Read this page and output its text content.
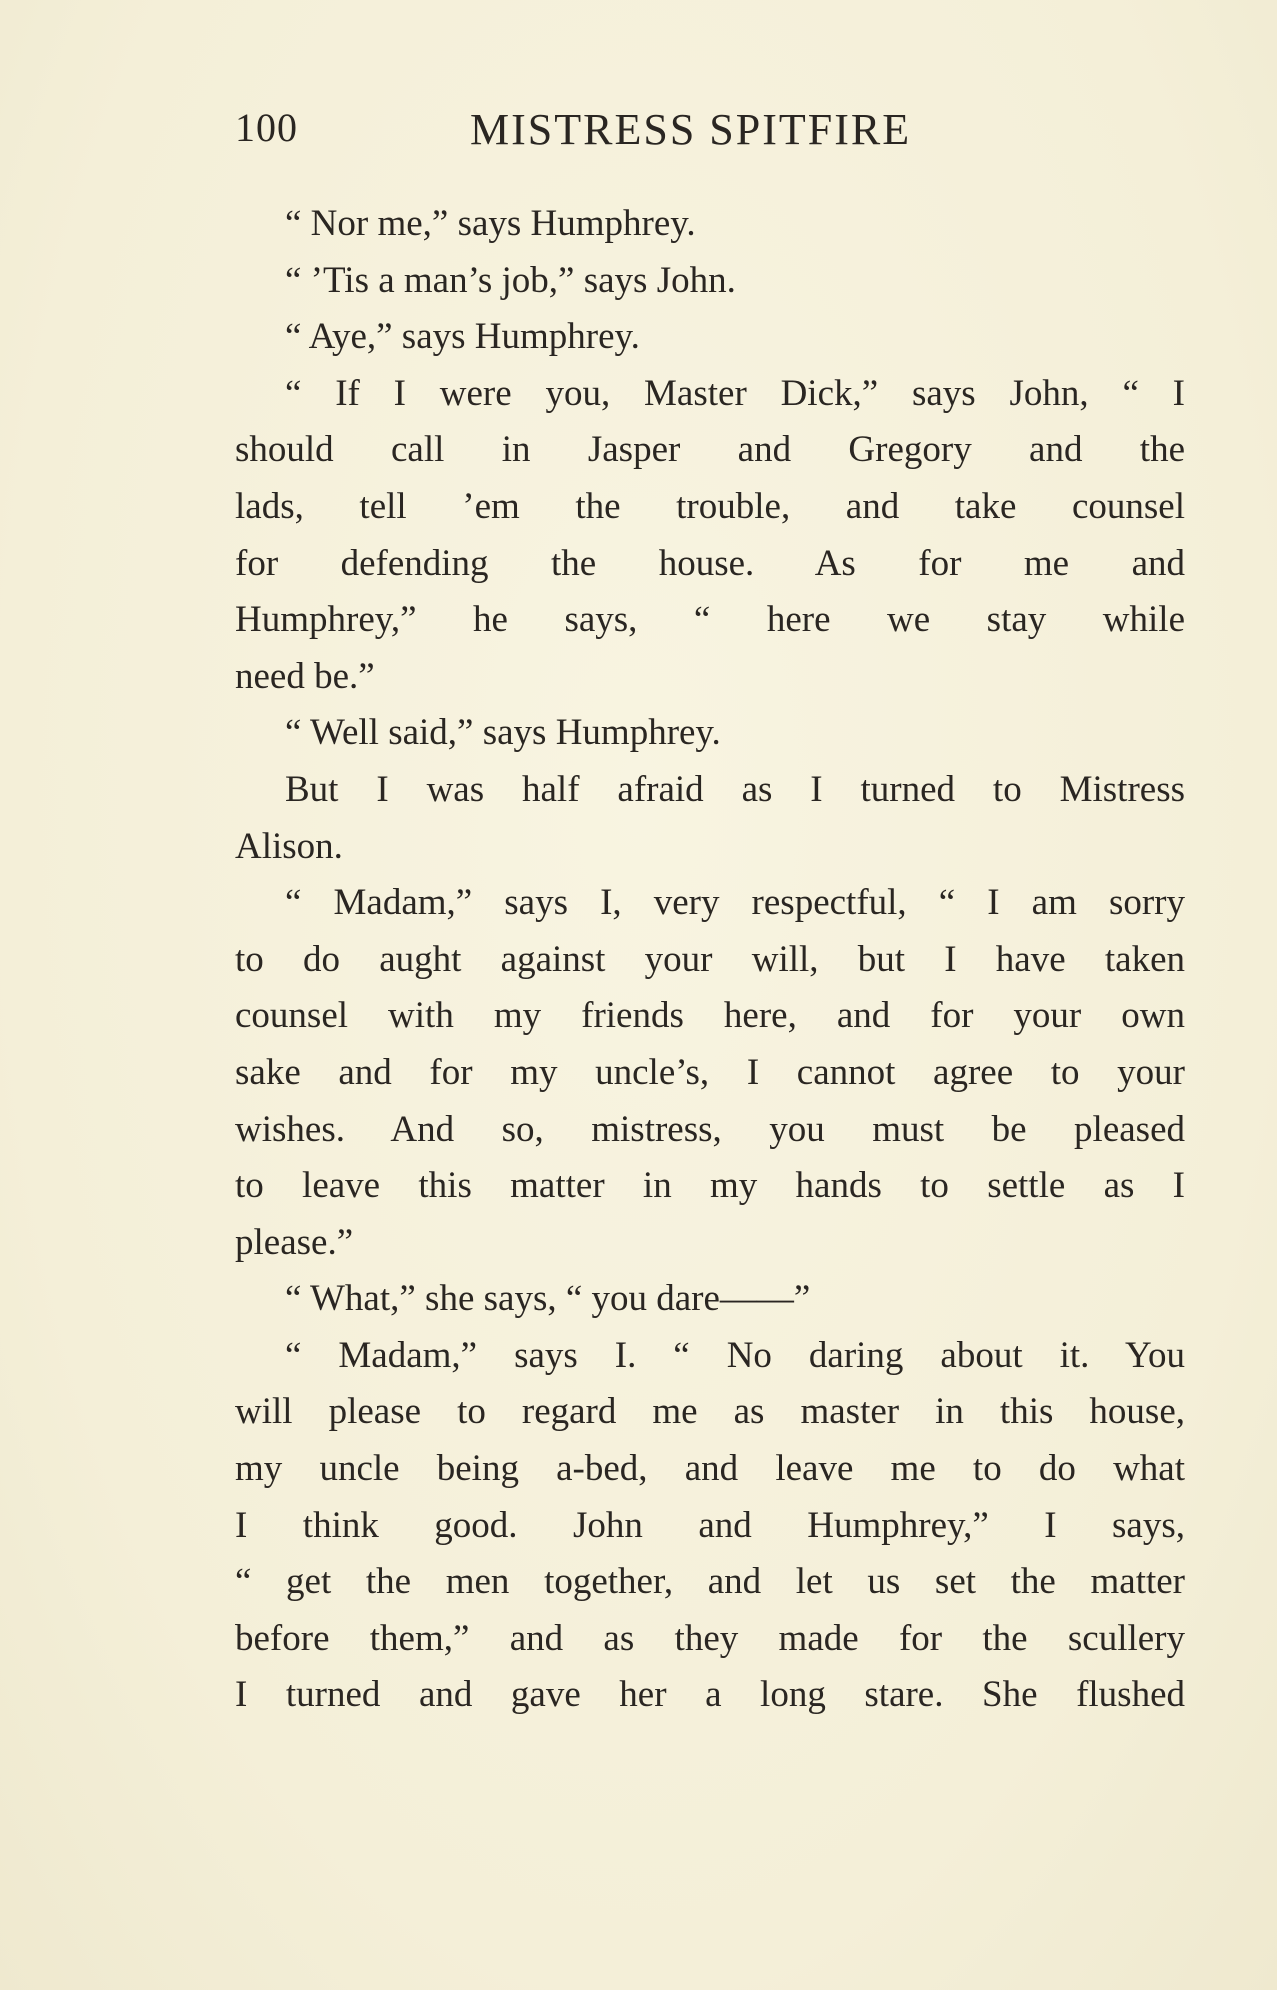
100	MISTRESS SPITFIRE
“ Nor me,” says Humphrey.
“ ’Tis a man’s job,” says John.
“ Aye,” says Humphrey.
“ If I were you, Master Dick,” says John, “ I
should call in Jasper and Gregory and the
lads, tell ’em the trouble, and take counsel
for defending the house. As for me and
Humphrey,” he says, “ here we stay while
need be.”
“ Well said,” says Humphrey.
But I was half afraid as I turned to Mistress
Alison.
“ Madam,” says I, very respectful, “ I am sorry
to do aught against your will, but I have taken
counsel with my friends here, and for your own
sake and for my uncle’s, I cannot agree to your
wishes. And so, mistress, you must be pleased
to leave this matter in my hands to settle as I
please.”
“ What,” she says, “ you dare——”
“ Madam,” says I. “ No daring about it. You
will please to regard me as master in this house,
my uncle being a-bed, and leave me to do what
I think good. John and Humphrey,” I says,
“ get the men together, and let us set the matter
before them,” and as they made for the scullery
I turned and gave her a long stare. She flushed
